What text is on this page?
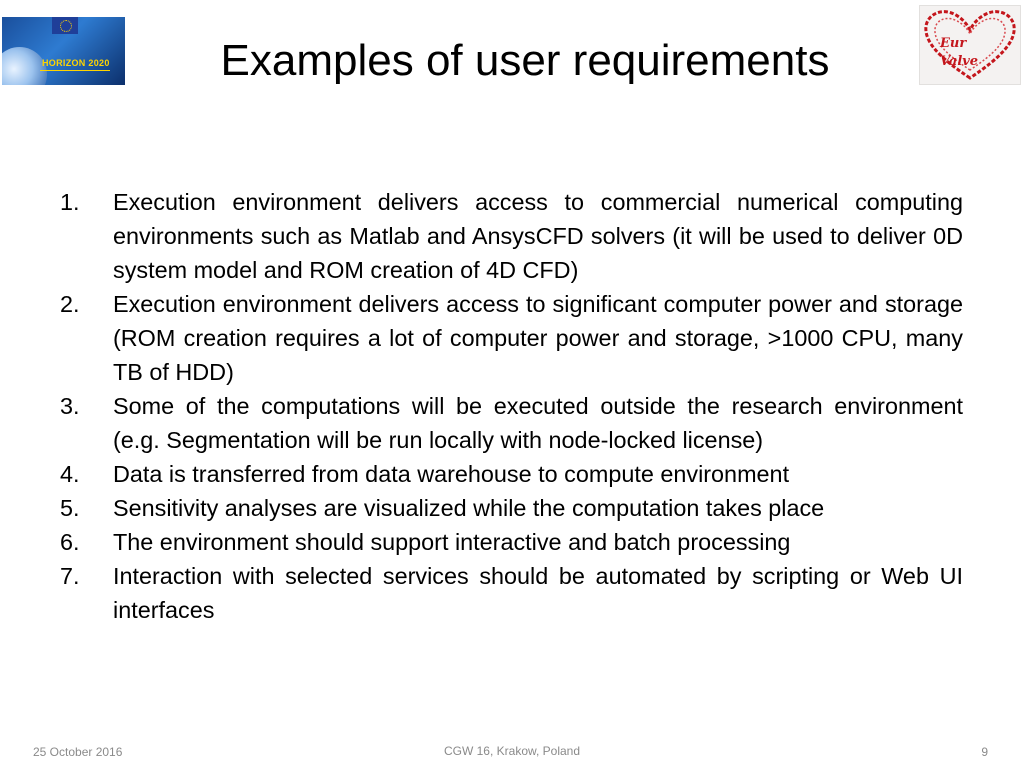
HORIZON 2020	Examples of user requirements	Eur
Valve
1. Execution environment delivers access to commercial numerical computing environments such as Matlab and AnsysCFD solvers (it will be used to deliver 0D system model and ROM creation of 4D CFD)
2. Execution environment delivers access to significant computer power and storage (ROM creation requires a lot of computer power and storage, >1000 CPU, many TB of HDD)
3. Some of the computations will be executed outside the research environment (e.g. Segmentation will be run locally with node-locked license)
4. Data is transferred from data warehouse to compute environment
5. Sensitivity analyses are visualized while the computation takes place
6. The environment should support interactive and batch processing
7. Interaction with selected services should be automated by scripting or Web UI interfaces
25 October 2016	CGW 16, Krakow, Poland	9
